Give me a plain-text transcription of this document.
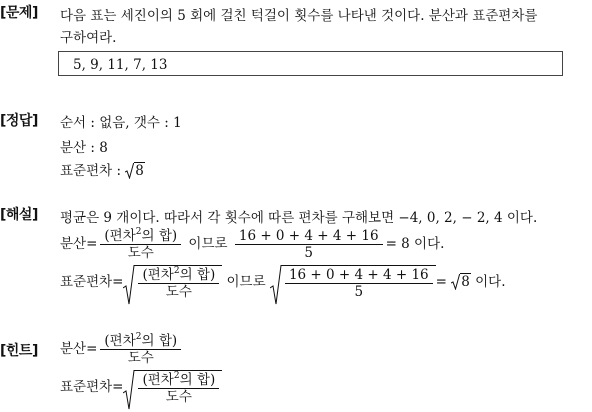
[문제] 다음 표는 세진이의 5 회에 걸친 턱걸이 횟수를 나타낸 것이다. 분산과 표준편차를
구하여라.
5, 9, 11, 7, 13
[정답] 순서 : 없음, 갯수 : 1
분산 : 8
표준편차 :
8
[해설] 평균은 9 개이다. 따라서 각 횟수에 따른 편차를 구해보면 −4, 0, 2, − 2, 4 이다.
분산= $\frac{(편차^2의 합)}{\text{도수}}$ 이므로 $\frac{16 + 0 + 4 + 4 + 16}{5} = 8$ 이다.
표준편차= $\frac{(편차^2의 합)}{\text{도수}}$ 이므로 $\frac{16 + 0 + 4 + 4 + 16}{5}$ =
8 이다.
[힌트] 분산= $\frac{(편차^2의 합)}{\text{도수}}$
표준편차= $\frac{(편차^2의 합)}{\text{도수}}$
